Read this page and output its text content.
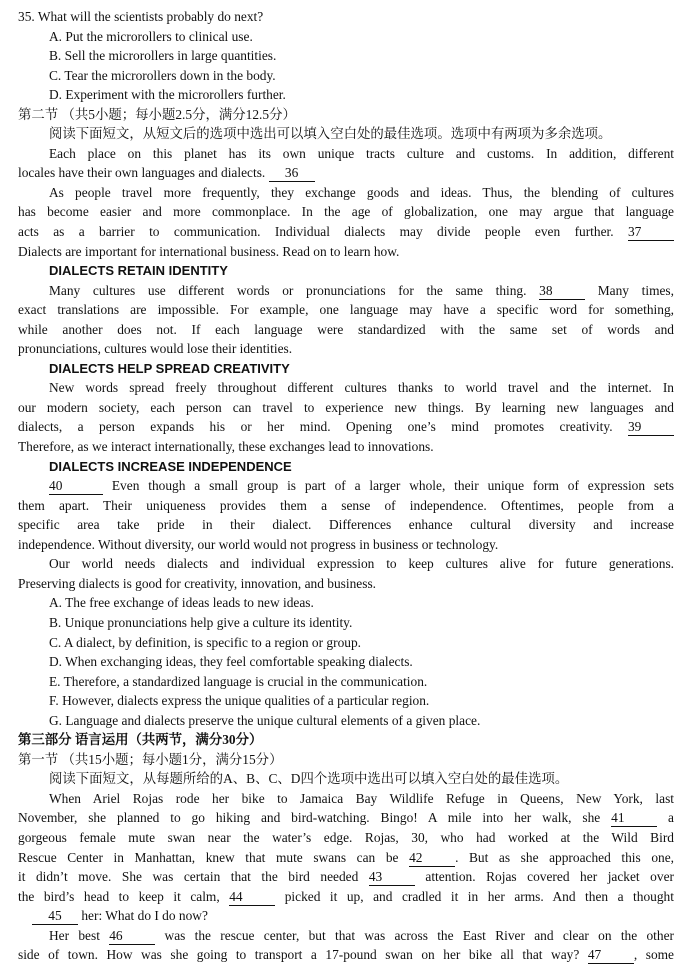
35. What will the scientists probably do next?
A. Put the microrollers to clinical use.
B. Sell the microrollers in large quantities.
C. Tear the microrollers down in the body.
D. Experiment with the microrollers further.
第二节 （共5小题；每小题2.5分，满分12.5分）
阅读下面短文，从短文后的选项中选出可以填入空白处的最佳选项。选项中有两项为多余选项。
Each place on this planet has its own unique tracts culture and customs. In addition, different
locales have their own languages and dialects. 36
As people travel more frequently, they exchange goods and ideas. Thus, the blending of cultures
has become easier and more commonplace. In the age of globalization, one may argue that language
acts as a barrier to communication. Individual dialects may divide people even further. 37
Dialects are important for international business. Read on to learn how.
DIALECTS RETAIN IDENTITY
Many cultures use different words or pronunciations for the same thing. 38	Many times,
exact translations are impossible. For example, one language may have a specific word for something,
while another does not. If each language were standardized with the same set of words and
pronunciations, cultures would lose their identities.
DIALECTS HELP SPREAD CREATIVITY
New words spread freely throughout different cultures thanks to world travel and the internet. In
our modern society, each person can travel to experience new things. By learning new languages and
dialects, a person expands his or her mind. Opening one’s mind promotes creativity. 39
Therefore, as we interact internationally, these exchanges lead to innovations.
DIALECTS INCREASE INDEPENDENCE
40	Even though a small group is part of a larger whole, their unique form of expression sets
them apart. Their uniqueness provides them a sense of independence. Oftentimes, people from a
specific area take pride in their dialect. Differences enhance cultural diversity and increase
independence. Without diversity, our world would not progress in business or technology.
Our world needs dialects and individual expression to keep cultures alive for future generations.
Preserving dialects is good for creativity, innovation, and business.
A. The free exchange of ideas leads to new ideas.
B. Unique pronunciations help give a culture its identity.
C. A dialect, by definition, is specific to a region or group.
D. When exchanging ideas, they feel comfortable speaking dialects.
E. Therefore, a standardized language is crucial in the communication.
F. However, dialects express the unique qualities of a particular region.
G. Language and dialects preserve the unique cultural elements of a given place.
第三部分 语言运用（共两节，满分30分）
第一节 （共15小题；每小题1分，满分15分）
阅读下面短文，从每题所给的A、B、C、D四个选项中选出可以填入空白处的最佳选项。
When Ariel Rojas rode her bike to Jamaica Bay Wildlife Refuge in Queens, New York, last
November, she planned to go hiking and bird-watching. Bingo! A mile into her walk, she 41	a
gorgeous female mute swan near the water’s edge. Rojas, 30, who had worked at the Wild Bird
Rescue Center in Manhattan, knew that mute swans can be 42 . But as she approached this one,
it didn’t move. She was certain that the bird needed 43	attention. Rojas covered her jacket over
the bird’s head to keep it calm, 44	picked it up, and cradled it in her arms. And then a thought
45 her: What do I do now?
Her best 46	was the rescue center, but that was across the East River and clear on the other
side of town. How was she going to transport a 17-pound swan on her bike all that way? 47 , some
